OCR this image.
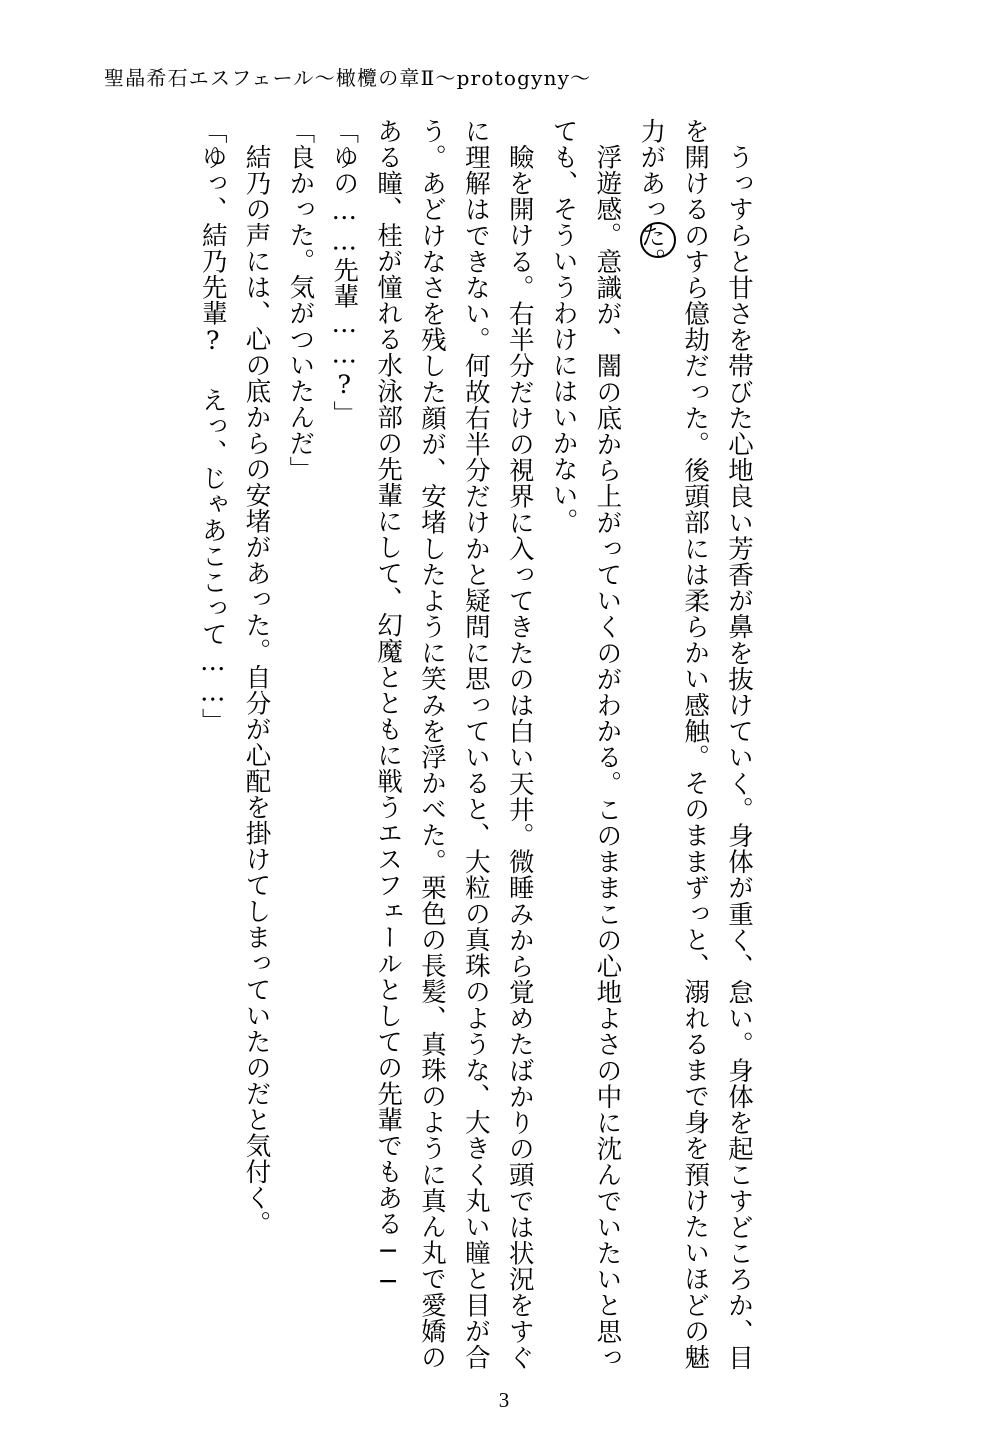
聖晶希石エスフェール〜橄欖の章Ⅱ〜protogyny〜

うっすらと甘さを帯びた心地良い芳香が鼻を抜けていく。身体が重く、怠い。身体を起こすどころか、目を開けるのすら億劫だった。後頭部には柔らかい感触。そのままずっと、溺れるまで身を預けたいほどの魅力があった。

浮遊感。意識が、闇の底から上がっていくのがわかる。このままこの心地よさの中に沈んでいたいと思っても、そういうわけにはいかない。

瞼を開ける。右半分だけの視界に入ってきたのは白い天井。微睡みから覚めたばかりの頭では状況をすぐに理解はできない。何故右半分だけかと疑問に思っていると、大粒の真珠のような、大きく丸い瞳と目が合う。あどけなさを残した顔が、安堵したように笑みを浮かべた。栗色の長髪、真珠のように真ん丸で愛嬌のある瞳、桂が憧れる水泳部の先輩にして、幻魔とともに戦うエスフェールとしての先輩でもある──

「ゆの……先輩……?」

「良かった。気がついたんだ」

結乃の声には、心の底からの安堵があった。自分が心配を掛けてしまっていたのだと気付く。

「ゆっ、結乃先輩? えっ、じゃあここって……」

3
